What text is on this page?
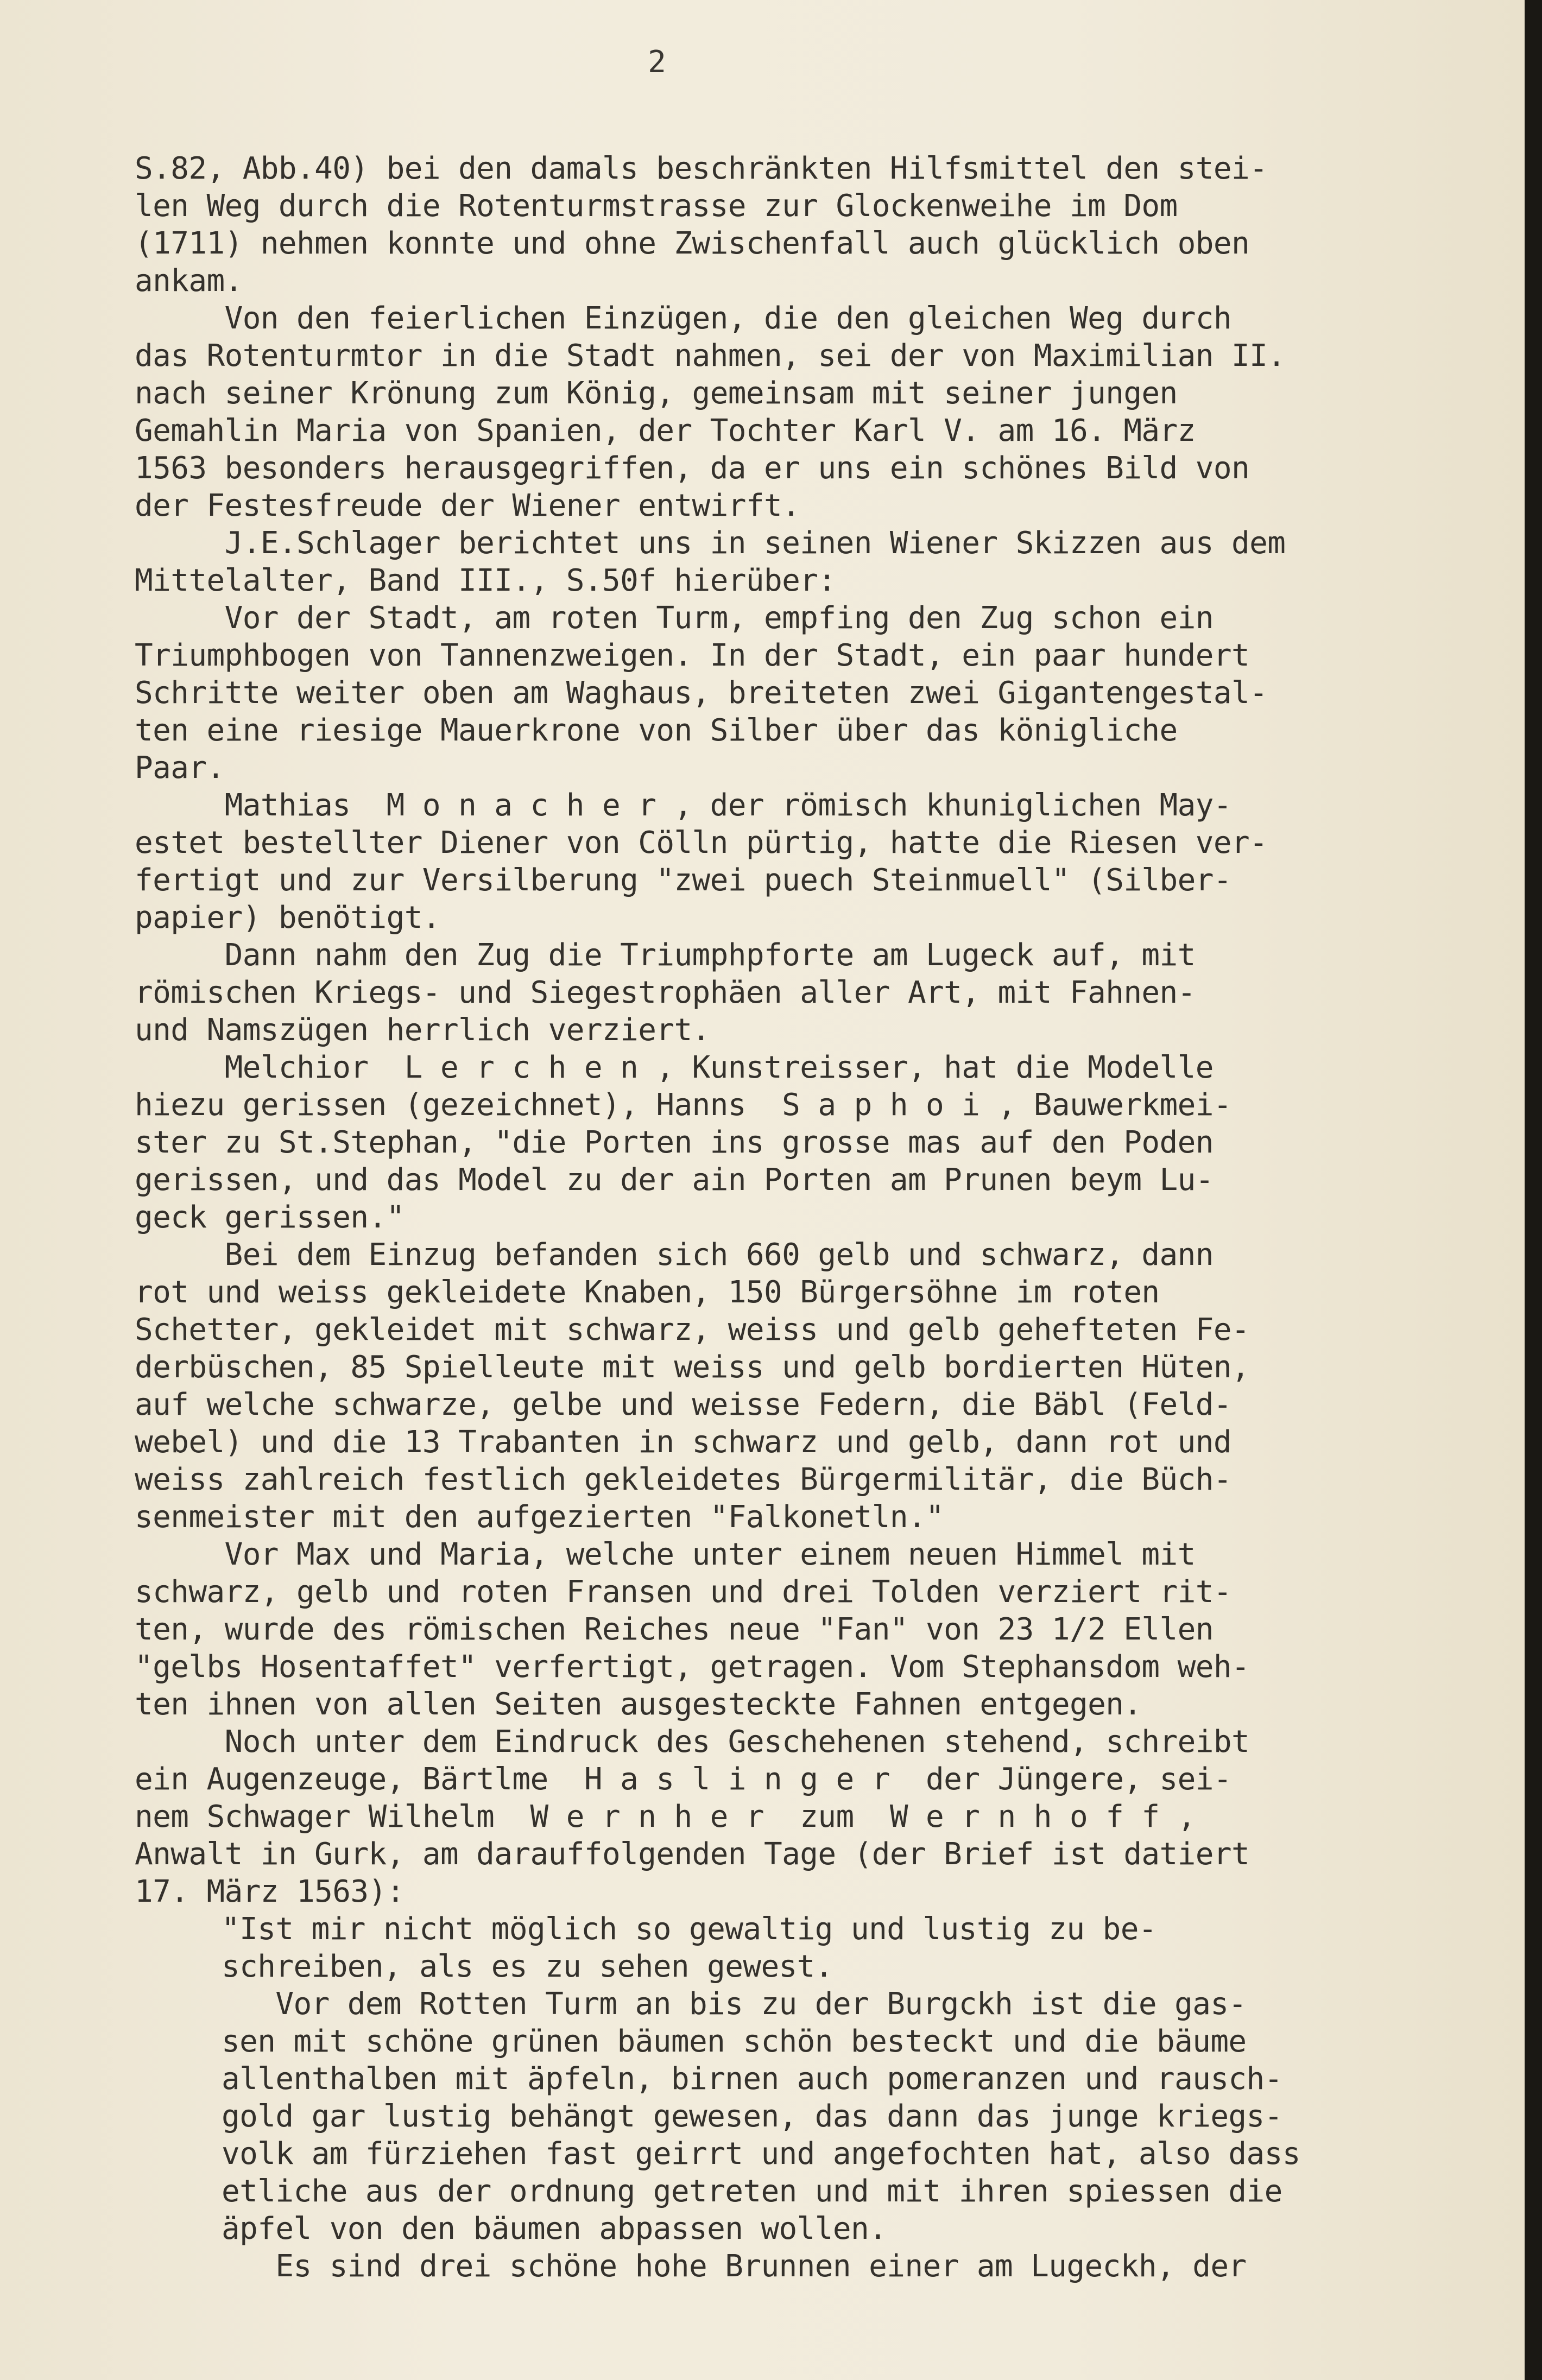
2
S.82, Abb.40) bei den damals beschränkten Hilfsmittel den stei-
len Weg durch die Rotenturmstrasse zur Glockenweihe im Dom
(1711) nehmen konnte und ohne Zwischenfall auch glücklich oben
ankam.
Von den feierlichen Einzügen, die den gleichen Weg durch
das Rotenturmtor in die Stadt nahmen, sei der von Maximilian II.
nach seiner Krönung zum König, gemeinsam mit seiner jungen
Gemahlin Maria von Spanien, der Tochter Karl V. am 16. März
1563 besonders herausgegriffen, da er uns ein schönes Bild von
der Festesfreude der Wiener entwirft.
J.E.Schlager berichtet uns in seinen Wiener Skizzen aus dem
Mittelalter, Band III., S.50f hierüber:
Vor der Stadt, am roten Turm, empfing den Zug schon ein
Triumphbogen von Tannenzweigen. In der Stadt, ein paar hundert
Schritte weiter oben am Waghaus, breiteten zwei Gigantengestal-
ten eine riesige Mauerkrone von Silber über das königliche
Paar.
Mathias  M o n a c h e r , der römisch khuniglichen May-
estet bestellter Diener von Cölln pürtig, hatte die Riesen ver-
fertigt und zur Versilberung "zwei puech Steinmuell" (Silber-
papier) benötigt.
Dann nahm den Zug die Triumphpforte am Lugeck auf, mit
römischen Kriegs- und Siegestrophäen aller Art, mit Fahnen-
und Namszügen herrlich verziert.
Melchior  L e r c h e n , Kunstreisser, hat die Modelle
hiezu gerissen (gezeichnet), Hanns  S a p h o i , Bauwerkmei-
ster zu St.Stephan, "die Porten ins grosse mas auf den Poden
gerissen, und das Model zu der ain Porten am Prunen beym Lu-
geck gerissen."
Bei dem Einzug befanden sich 660 gelb und schwarz, dann
rot und weiss gekleidete Knaben, 150 Bürgersöhne im roten
Schetter, gekleidet mit schwarz, weiss und gelb gehefteten Fe-
derbüschen, 85 Spielleute mit weiss und gelb bordierten Hüten,
auf welche schwarze, gelbe und weisse Federn, die Bäbl (Feld-
webel) und die 13 Trabanten in schwarz und gelb, dann rot und
weiss zahlreich festlich gekleidetes Bürgermilitär, die Büch-
senmeister mit den aufgezierten "Falkonetln."
Vor Max und Maria, welche unter einem neuen Himmel mit
schwarz, gelb und roten Fransen und drei Tolden verziert rit-
ten, wurde des römischen Reiches neue "Fan" von 23 1/2 Ellen
"gelbs Hosentaffet" verfertigt, getragen. Vom Stephansdom weh-
ten ihnen von allen Seiten ausgesteckte Fahnen entgegen.
Noch unter dem Eindruck des Geschehenen stehend, schreibt
ein Augenzeuge, Bärtlme  H a s l i n g e r  der Jüngere, sei-
nem Schwager Wilhelm  W e r n h e r  zum  W e r n h o f f ,
Anwalt in Gurk, am darauffolgenden Tage (der Brief ist datiert
17. März 1563):
"Ist mir nicht möglich so gewaltig und lustig zu be-
schreiben, als es zu sehen gewest.
Vor dem Rotten Turm an bis zu der Burgckh ist die gas-
sen mit schöne grünen bäumen schön besteckt und die bäume
allenthalben mit äpfeln, birnen auch pomeranzen und rausch-
gold gar lustig behängt gewesen, das dann das junge kriegs-
volk am fürziehen fast geirrt und angefochten hat, also dass
etliche aus der ordnung getreten und mit ihren spiessen die
äpfel von den bäumen abpassen wollen.
Es sind drei schöne hohe Brunnen einer am Lugeckh, der
